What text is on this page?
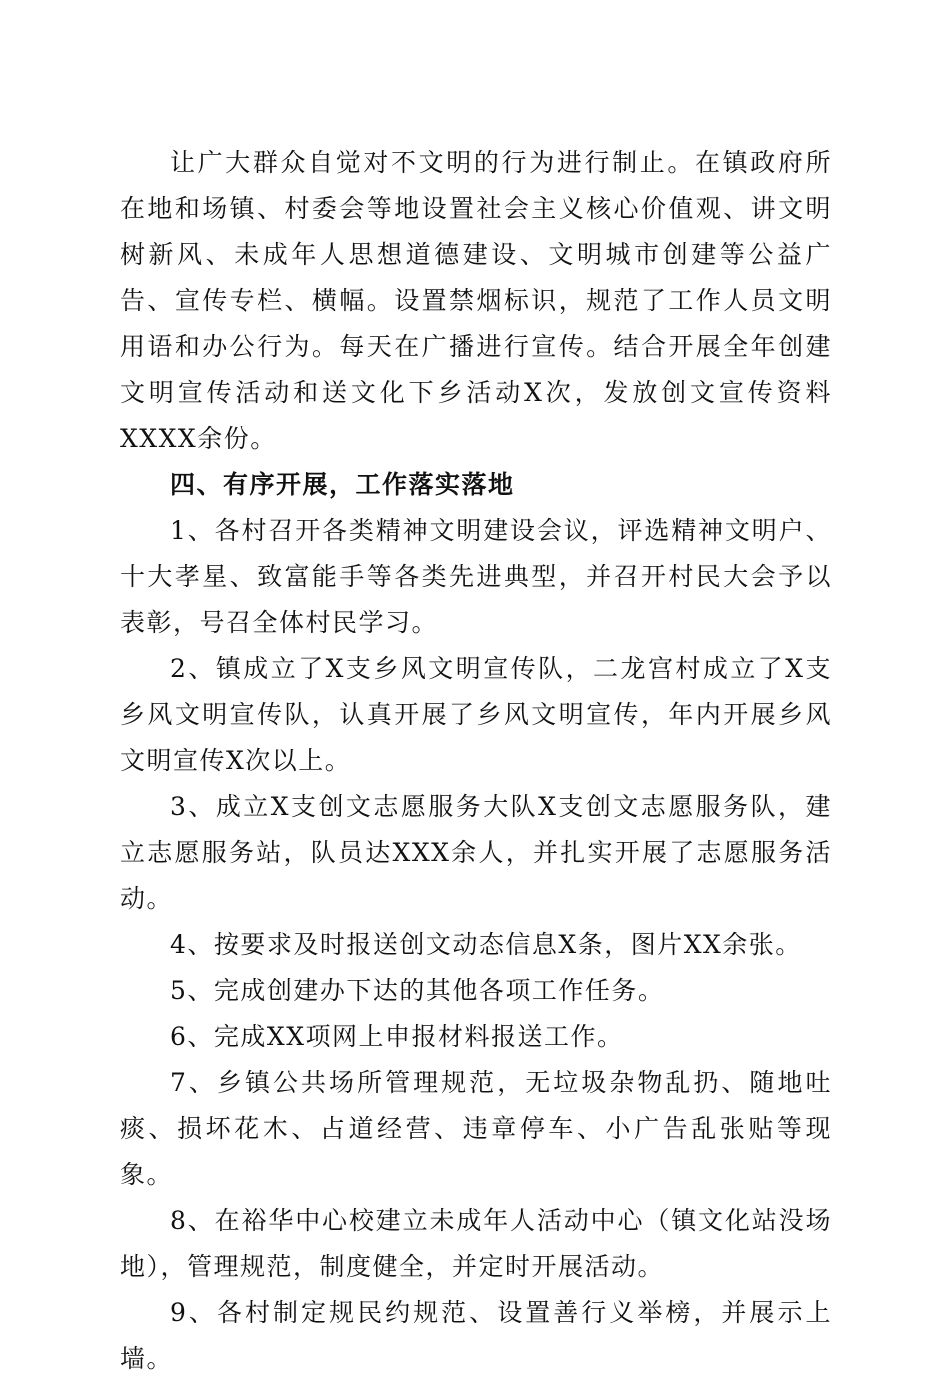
让广大群众自觉对不文明的行为进行制止。在镇政府所在地和场镇、村委会等地设置社会主义核心价值观、讲文明树新风、未成年人思想道德建设、文明城市创建等公益广告、宣传专栏、横幅。设置禁烟标识，规范了工作人员文明用语和办公行为。每天在广播进行宣传。结合开展全年创建文明宣传活动和送文化下乡活动X次，发放创文宣传资料XXXX余份。

四、有序开展，工作落实落地

1、各村召开各类精神文明建设会议，评选精神文明户、十大孝星、致富能手等各类先进典型，并召开村民大会予以表彰，号召全体村民学习。

2、镇成立了X支乡风文明宣传队，二龙宫村成立了X支乡风文明宣传队，认真开展了乡风文明宣传，年内开展乡风文明宣传X次以上。

3、成立X支创文志愿服务大队X支创文志愿服务队，建立志愿服务站，队员达XXX余人，并扎实开展了志愿服务活动。

4、按要求及时报送创文动态信息X条，图片XX余张。

5、完成创建办下达的其他各项工作任务。

6、完成XX项网上申报材料报送工作。

7、乡镇公共场所管理规范，无垃圾杂物乱扔、随地吐痰、损坏花木、占道经营、违章停车、小广告乱张贴等现象。

8、在裕华中心校建立未成年人活动中心（镇文化站没场地），管理规范，制度健全，并定时开展活动。

9、各村制定规民约规范、设置善行义举榜，并展示上墙。
